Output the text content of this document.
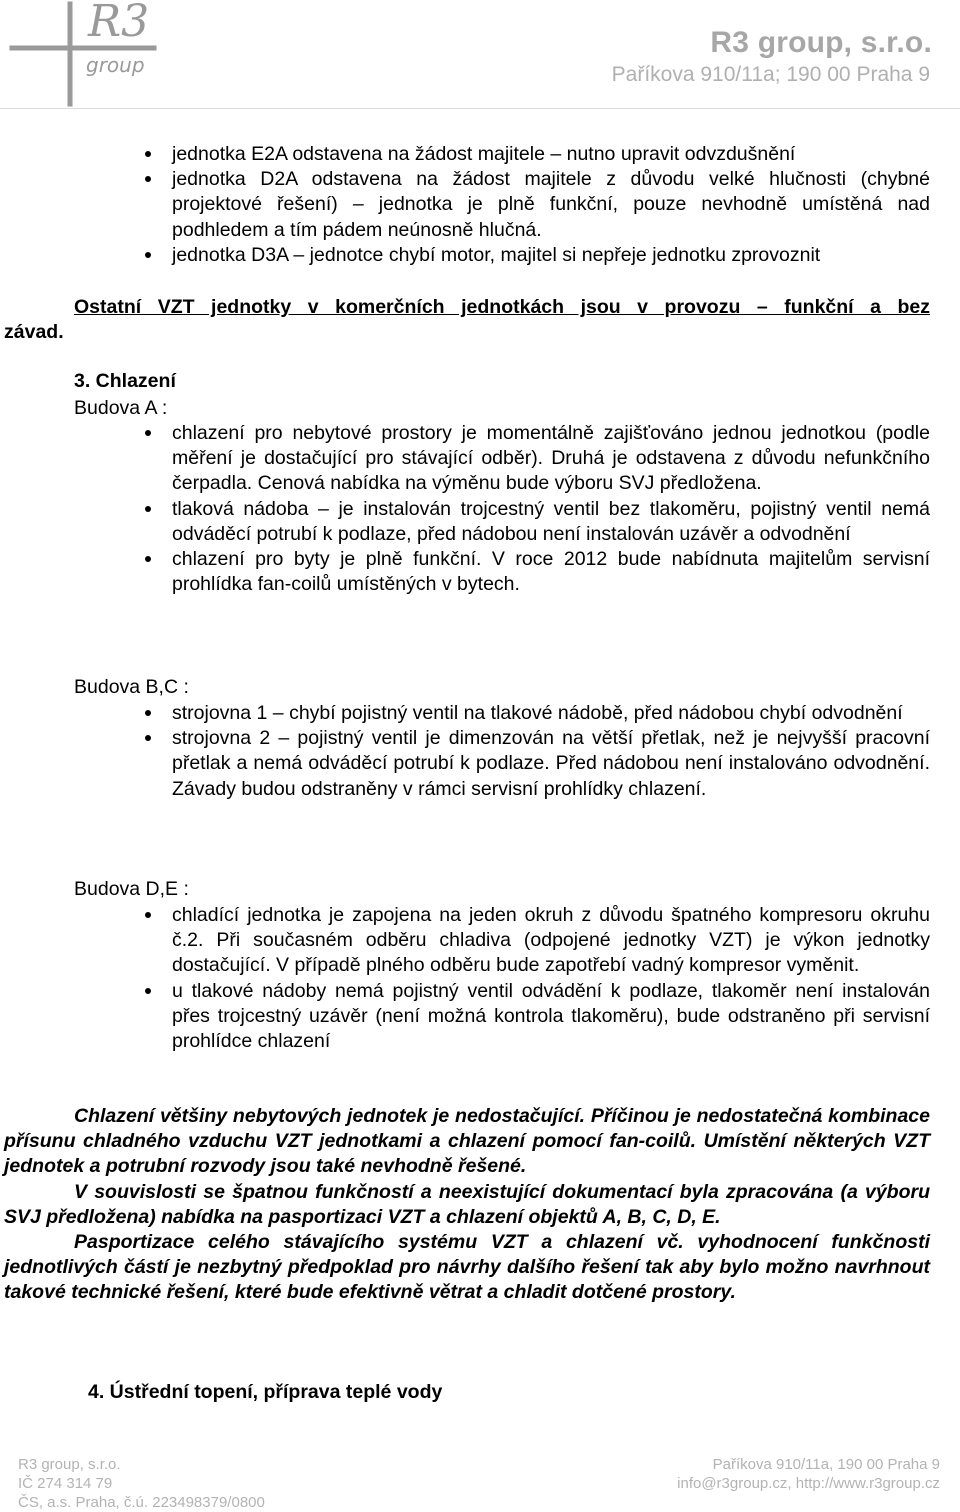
R3
group
R3 group, s.r.o.
Paříkova 910/11a; 190 00 Praha 9
jednotka E2A odstavena na žádost majitele – nutno upravit odvzdušnění
jednotka D2A odstavena na žádost majitele z důvodu velké hlučnosti (chybné projektové řešení) – jednotka je plně funkční, pouze nevhodně umístěná nad podhledem a tím pádem neúnosně hlučná.
jednotka D3A – jednotce chybí motor, majitel si nepřeje jednotku zprovoznit
Ostatní VZT jednotky v komerčních jednotkách jsou v provozu – funkční a bez
závad.
3. Chlazení
Budova A :
chlazení pro nebytové prostory je momentálně zajišťováno jednou jednotkou (podle měření je dostačující pro stávající odběr). Druhá je odstavena z důvodu nefunkčního čerpadla. Cenová nabídka na výměnu bude výboru SVJ předložena.
tlaková nádoba – je instalován trojcestný ventil bez tlakoměru, pojistný ventil nemá odváděcí potrubí k podlaze, před nádobou není instalován uzávěr a odvodnění
chlazení pro byty je plně funkční. V roce 2012 bude nabídnuta majitelům servisní prohlídka fan-coilů umístěných v bytech.
Budova B,C :
strojovna 1 – chybí pojistný ventil na tlakové nádobě, před nádobou chybí odvodnění
strojovna 2 – pojistný ventil je dimenzován na větší přetlak, než je nejvyšší pracovní přetlak a nemá odváděcí potrubí k podlaze. Před nádobou není instalováno odvodnění. Závady budou odstraněny v rámci servisní prohlídky chlazení.
Budova D,E :
chladící jednotka je zapojena na jeden okruh z důvodu špatného kompresoru okruhu č.2. Při současném odběru chladiva (odpojené jednotky VZT) je výkon jednotky dostačující. V případě plného odběru bude zapotřebí vadný kompresor vyměnit.
u tlakové nádoby nemá pojistný ventil odvádění k podlaze, tlakoměr není instalován přes trojcestný uzávěr (není možná kontrola tlakoměru), bude odstraněno při servisní prohlídce chlazení
Chlazení většiny nebytových jednotek je nedostačující. Příčinou je nedostatečná kombinace přísunu chladného vzduchu VZT jednotkami a chlazení pomocí fan-coilů. Umístění některých VZT jednotek a potrubní rozvody jsou také nevhodně řešené.
V souvislosti se špatnou funkčností a neexistující dokumentací byla zpracována (a výboru SVJ předložena) nabídka na pasportizaci VZT a chlazení objektů A, B, C, D, E.
Pasportizace celého stávajícího systému VZT a chlazení vč. vyhodnocení funkčnosti jednotlivých částí je nezbytný předpoklad pro návrhy dalšího řešení tak aby bylo možno navrhnout takové technické řešení, které bude efektivně větrat a chladit dotčené prostory.
4. Ústřední topení, příprava teplé vody
R3 group, s.r.o.
IČ 274 314 79
ČS, a.s. Praha, č.ú. 223498379/0800
Paříkova 910/11a, 190 00 Praha 9
info@r3group.cz, http://www.r3group.cz
